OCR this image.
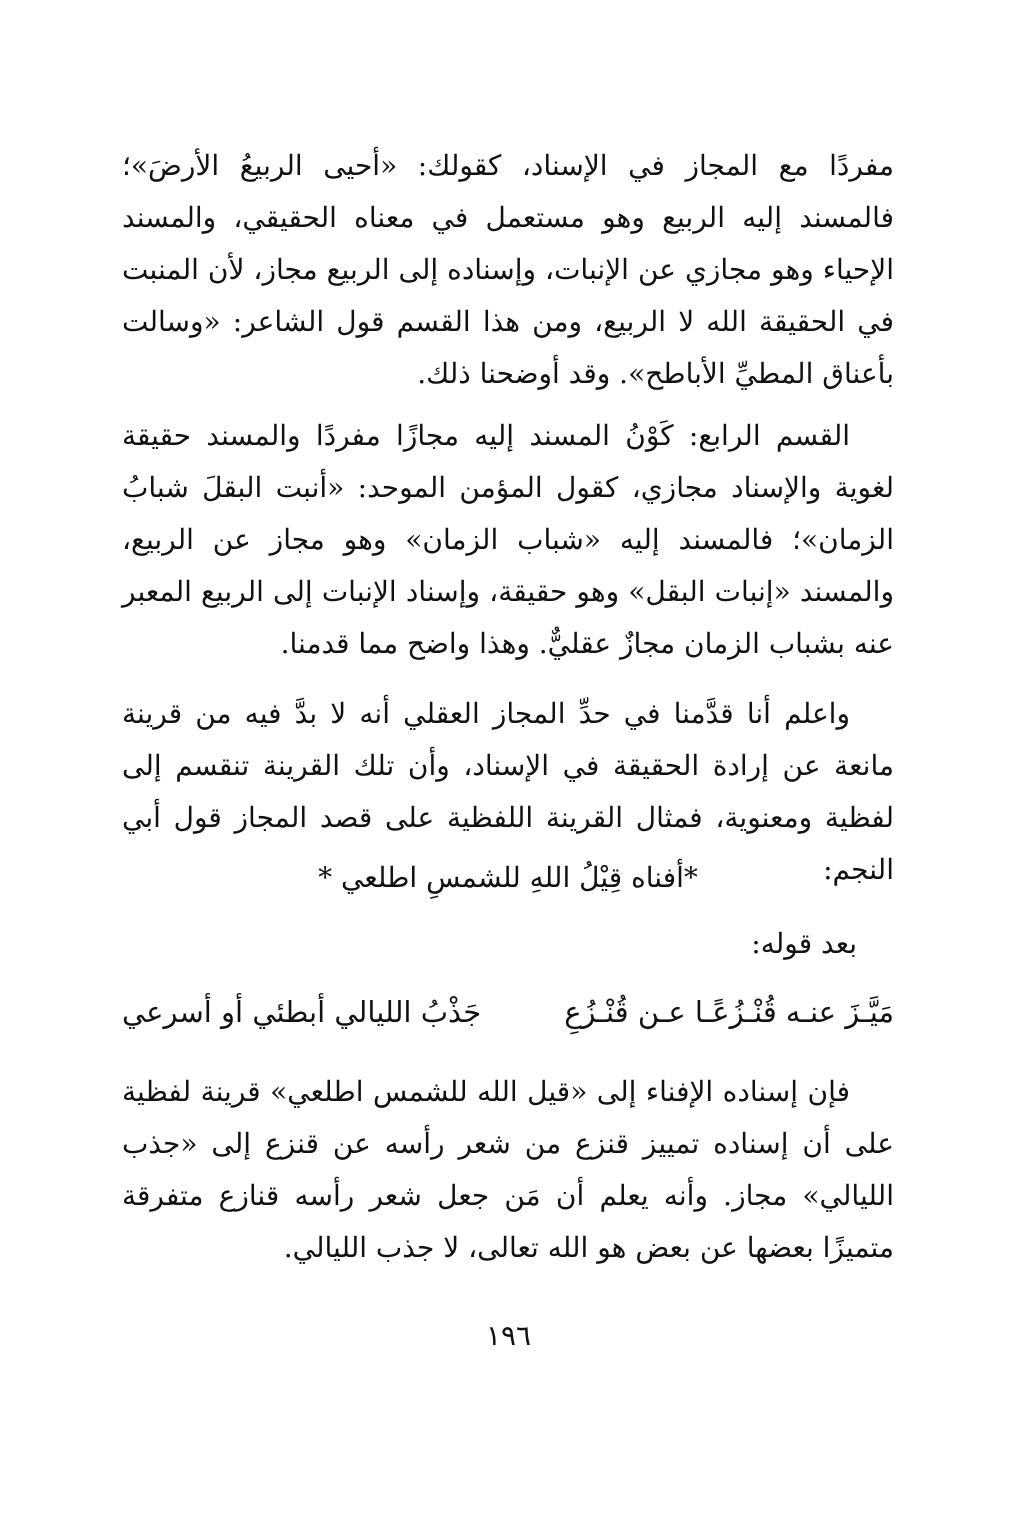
مفردًا مع المجاز في الإسناد، كقولك: «أحيى الربيعُ الأرضَ»؛ فالمسند إليه الربيع وهو مستعمل في معناه الحقيقي، والمسند الإحياء وهو مجازي عن الإنبات، وإسناده إلى الربيع مجاز، لأن المنبت في الحقيقة الله لا الربيع، ومن هذا القسم قول الشاعر: «وسالت بأعناق المطيِّ الأباطح». وقد أوضحنا ذلك.

القسم الرابع: كَوْنُ المسند إليه مجازًا مفردًا والمسند حقيقة لغوية والإسناد مجازي، كقول المؤمن الموحد: «أنبت البقلَ شبابُ الزمان»؛ فالمسند إليه «شباب الزمان» وهو مجاز عن الربيع، والمسند «إنبات البقل» وهو حقيقة، وإسناد الإنبات إلى الربيع المعبر عنه بشباب الزمان مجازٌ عقليٌّ. وهذا واضح مما قدمنا.

واعلم أنا قدَّمنا في حدِّ المجاز العقلي أنه لا بدَّ فيه من قرينة مانعة عن إرادة الحقيقة في الإسناد، وأن تلك القرينة تنقسم إلى لفظية ومعنوية، فمثال القرينة اللفظية على قصد المجاز قول أبي النجم:

*أفناه قِيْلُ اللهِ للشمسِ اطلعي *
بعد قوله:
مَيَّـزَ عنـه قُنْـزُعًـا عـن قُنْـزُعِ
جَذْبُ الليالي أبطئي أو أسرعي

فإن إسناده الإفناء إلى «قيل الله للشمس اطلعي» قرينة لفظية على أن إسناده تمييز قنزع من شعر رأسه عن قنزع إلى «جذب الليالي» مجاز. وأنه يعلم أن مَن جعل شعر رأسه قنازع متفرقة متميزًا بعضها عن بعض هو الله تعالى، لا جذب الليالي.

١٩٦
